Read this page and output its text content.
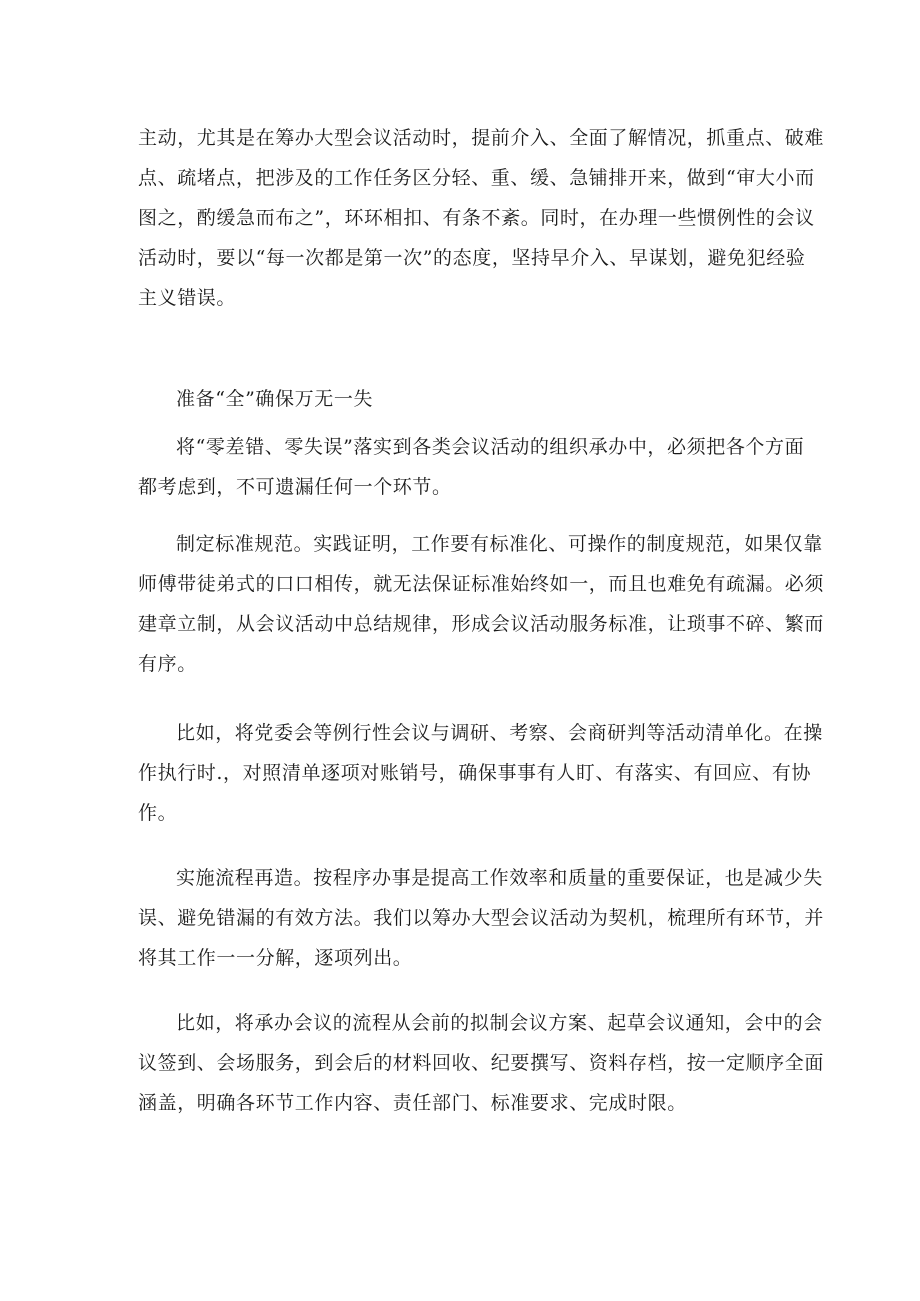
主动，尤其是在筹办大型会议活动时，提前介入、全面了解情况，抓重点、破难
点、疏堵点，把涉及的工作任务区分轻、重、缓、急铺排开来，做到“审大小而
图之，酌缓急而布之”，环环相扣、有条不紊。同时，在办理一些惯例性的会议
活动时，要以“每一次都是第一次”的态度，坚持早介入、早谋划，避免犯经验
主义错误。
准备“全”确保万无一失
将“零差错、零失误”落实到各类会议活动的组织承办中，必须把各个方面
都考虑到，不可遗漏任何一个环节。
制定标准规范。实践证明，工作要有标准化、可操作的制度规范，如果仅靠
师傅带徒弟式的口口相传，就无法保证标准始终如一，而且也难免有疏漏。必须
建章立制，从会议活动中总结规律，形成会议活动服务标准，让琐事不碎、繁而
有序。
比如，将党委会等例行性会议与调研、考察、会商研判等活动清单化。在操
作执行时.，对照清单逐项对账销号，确保事事有人盯、有落实、有回应、有协
作。
实施流程再造。按程序办事是提高工作效率和质量的重要保证，也是减少失
误、避免错漏的有效方法。我们以筹办大型会议活动为契机，梳理所有环节，并
将其工作一一分解，逐项列出。
比如，将承办会议的流程从会前的拟制会议方案、起草会议通知，会中的会
议签到、会场服务，到会后的材料回收、纪要撰写、资料存档，按一定顺序全面
涵盖，明确各环节工作内容、责任部门、标准要求、完成时限。
